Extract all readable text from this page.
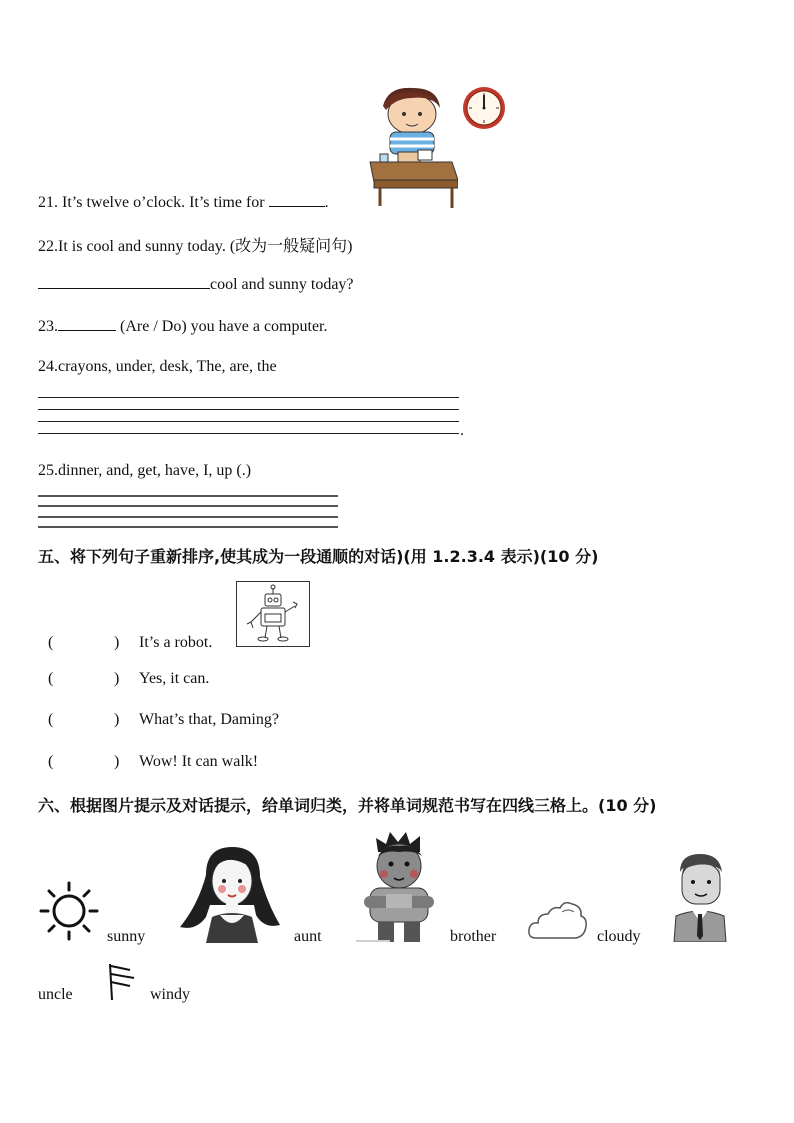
21. It’s twelve o’clock. It’s time for	.
22.It is cool and sunny today. (改为一般疑问句)
cool and sunny today?
23.	(Are / Do) you have a computer.
24.crayons, under, desk, The, are, the
.
25.dinner, and, get, have, I, up (.)
五、将下列句子重新排序,使其成为一段通顺的对话)(用 1.2.3.4 表示)(10 分)
(	) It’s a robot.
(	) Yes, it can.
(	) What’s that, Daming?
(	) Wow! It can walk!
六、根据图片提示及对话提示，给单词归类，并将单词规范书写在四线三格上。(10 分)
sunny	aunt	brother	cloudy
uncle	windy
